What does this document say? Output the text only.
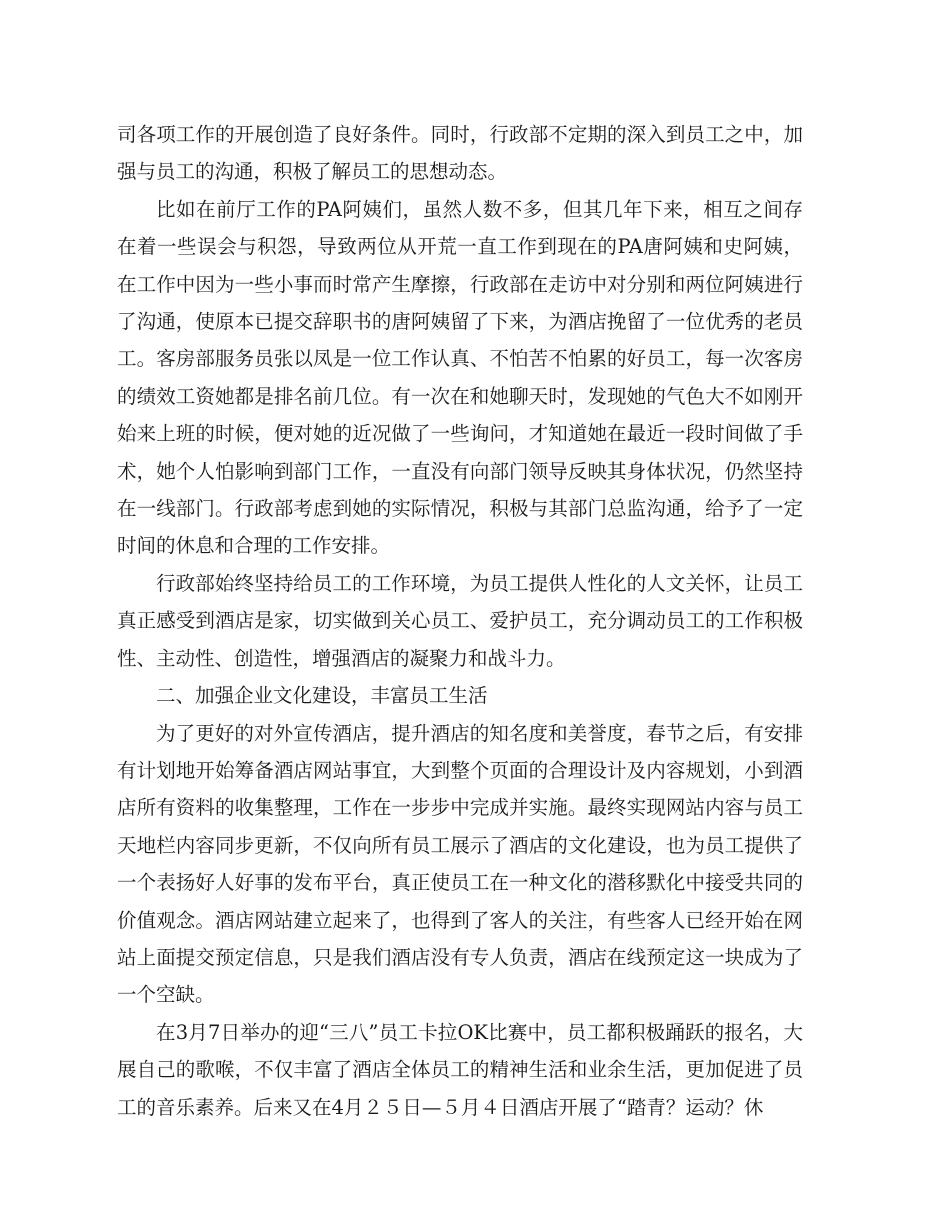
司各项工作的开展创造了良好条件。同时，行政部不定期的深入到员工之中，加强与员工的沟通，积极了解员工的思想动态。

比如在前厅工作的PA阿姨们，虽然人数不多，但其几年下来，相互之间存在着一些误会与积怨，导致两位从开荒一直工作到现在的PA唐阿姨和史阿姨，在工作中因为一些小事而时常产生摩擦，行政部在走访中对分别和两位阿姨进行了沟通，使原本已提交辞职书的唐阿姨留了下来，为酒店挽留了一位优秀的老员工。客房部服务员张以凤是一位工作认真、不怕苦不怕累的好员工，每一次客房的绩效工资她都是排名前几位。有一次在和她聊天时，发现她的气色大不如刚开始来上班的时候，便对她的近况做了一些询问，才知道她在最近一段时间做了手术，她个人怕影响到部门工作，一直没有向部门领导反映其身体状况，仍然坚持在一线部门。行政部考虑到她的实际情况，积极与其部门总监沟通，给予了一定时间的休息和合理的工作安排。

行政部始终坚持给员工的工作环境，为员工提供人性化的人文关怀，让员工真正感受到酒店是家，切实做到关心员工、爱护员工，充分调动员工的工作积极性、主动性、创造性，增强酒店的凝聚力和战斗力。

二、加强企业文化建设，丰富员工生活

为了更好的对外宣传酒店，提升酒店的知名度和美誉度，春节之后，有安排有计划地开始筹备酒店网站事宜，大到整个页面的合理设计及内容规划，小到酒店所有资料的收集整理，工作在一步步中完成并实施。最终实现网站内容与员工天地栏内容同步更新，不仅向所有员工展示了酒店的文化建设，也为员工提供了一个表扬好人好事的发布平台，真正使员工在一种文化的潜移默化中接受共同的价值观念。酒店网站建立起来了，也得到了客人的关注，有些客人已经开始在网站上面提交预定信息，只是我们酒店没有专人负责，酒店在线预定这一块成为了一个空缺。

在3月7日举办的迎“三八”员工卡拉OK比赛中，员工都积极踊跃的报名，大展自己的歌喉，不仅丰富了酒店全体员工的精神生活和业余生活，更加促进了员工的音乐素养。后来又在4月２５日—５月４日酒店开展了“踏青？运动？休
